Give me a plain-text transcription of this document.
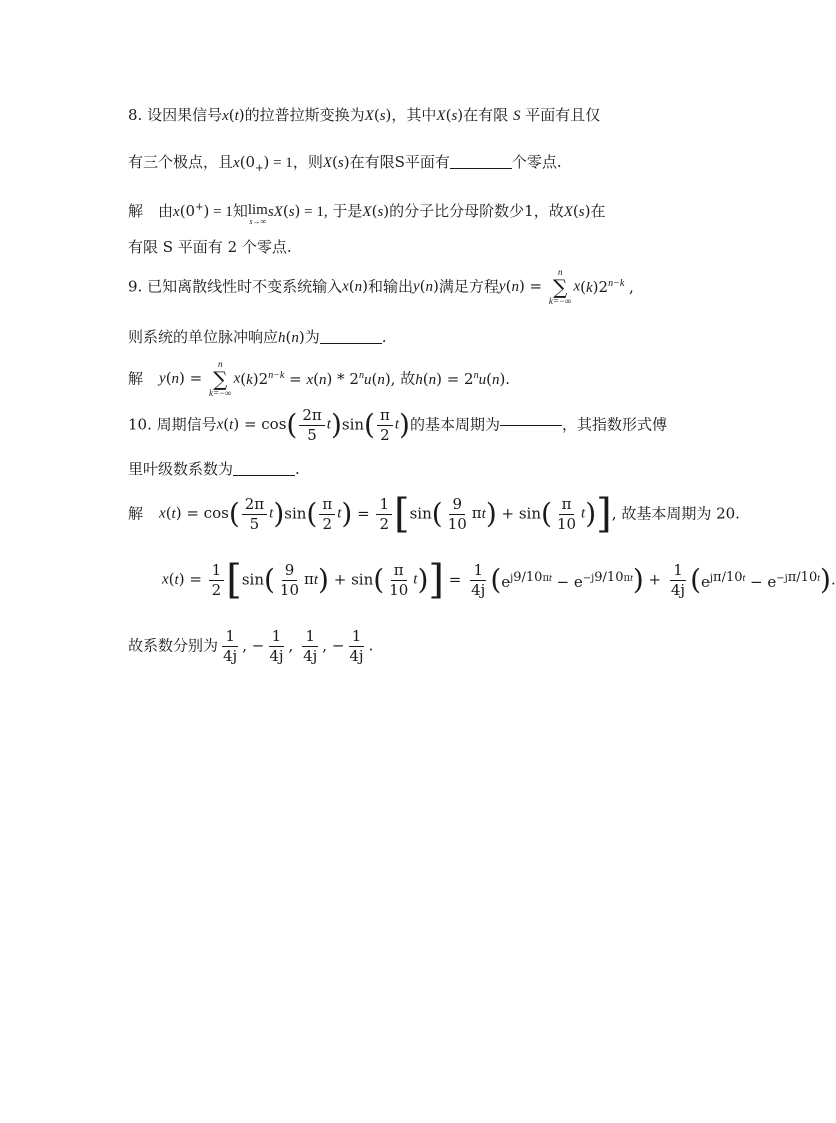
8. 设因果信号x(t)的拉普拉斯变换为X(s)，其中X(s)在有限 S 平面有且仅
有三个极点，且$x(0_+) = 1$，则X(s)在有限S平面有	个零点.
解　由x(0+) = 1知 lim
s→∞
sX(s) = 1, 于是X(s)的分子比分母阶数少1，故X(s)在
有限 S 平面有 2 个零点.
9. 已知离散线性时不变系统输入x(n)和输出y(n)满足方程y(n) =
n
∑
k=−∞
$x(k)2^{n-k}$ ,
则系统的单位脉冲响应h(n)为	.
解 y(n) =
n
∑
k=−∞
$x(k)2^{n-k} = x(n) * 2^nu(n)$, 故$h(n) = 2^nu(n)$.
10. 周期信号$x(t) = \cos( \frac{2\pi}{5} t)\sin( \frac{\pi}{2} t)$的基本周期为	，其指数形式傅
里叶级数系数为	.
解 $x(t) = \cos( \frac{2\pi}{5} t)\sin( \frac{\pi}{2} t) = \frac{1}{2} [\sin( \frac{9}{10} \pi t) + \sin( \frac{\pi}{10} t)]$, 故基本周期为 20.
$x(t) = \frac{1}{2} [\sin( \frac{9}{10} \pi t) + \sin( \frac{\pi}{10} t)] = \frac{1}{4j} (e^{j9/10\pi t} - e^{-j9/10\pi t}) + \frac{1}{4j} (e^{j\pi/10t} - e^{-j\pi/10t})$.
故系数分别为 $\frac{1}{4j}$ , − $\frac{1}{4j}$ , $\frac{1}{4j}$ , − $\frac{1}{4j}$ .
